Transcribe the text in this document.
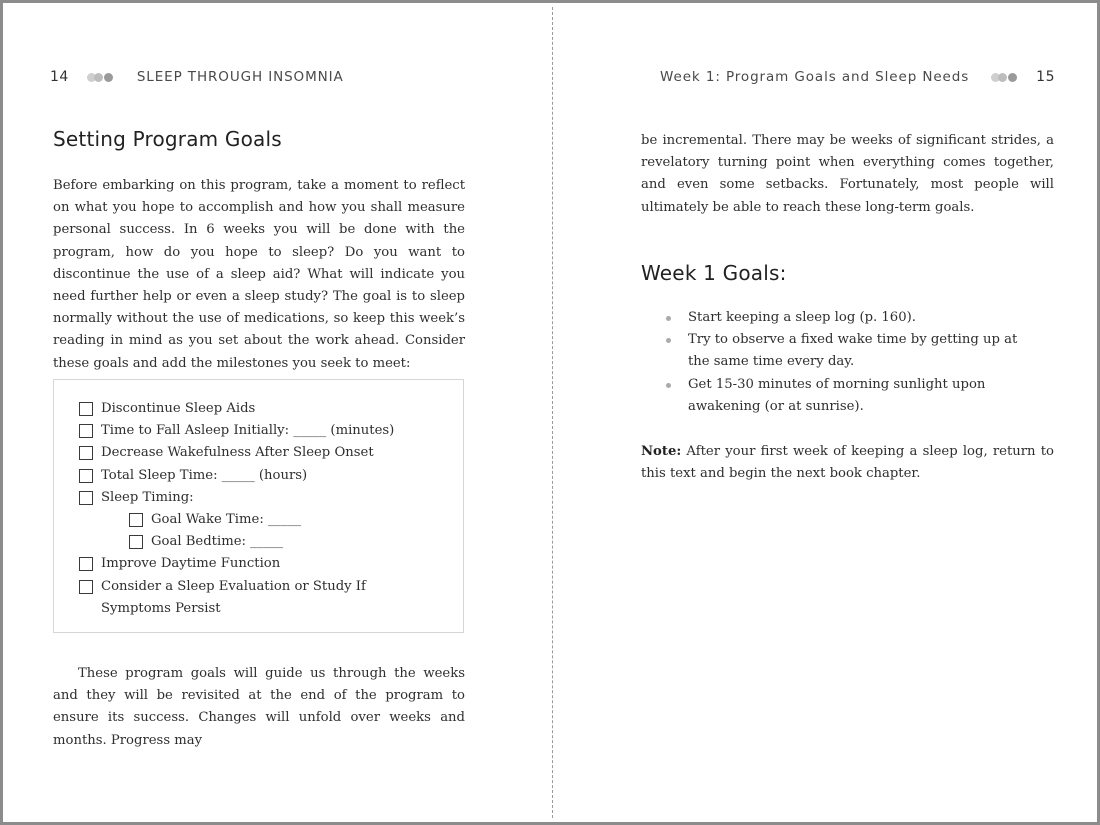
14	SLEEP THROUGH INSOMNIA
Setting Program Goals

Before embarking on this program, take a moment to reflect on what you hope to accomplish and how you shall measure personal success. In 6 weeks you will be done with the program, how do you hope to sleep? Do you want to discontinue the use of a sleep aid? What will indicate you need further help or even a sleep study? The goal is to sleep normally without the use of medications, so keep this week’s reading in mind as you set about the work ahead. Consider these goals and add the milestones you seek to meet:

Discontinue Sleep Aids
Time to Fall Asleep Initially: _____ (minutes)
Decrease Wakefulness After Sleep Onset
Total Sleep Time: _____ (hours)
Sleep Timing:
Goal Wake Time: _____
Goal Bedtime: _____
Improve Daytime Function
Consider a Sleep Evaluation or Study If Symptoms Persist

These program goals will guide us through the weeks and they will be revisited at the end of the program to ensure its success. Changes will unfold over weeks and months. Progress may

Week 1: Program Goals and Sleep Needs	15

be incremental. There may be weeks of significant strides, a revelatory turning point when everything comes together, and even some setbacks. Fortunately, most people will ultimately be able to reach these long-term goals.

Week 1 Goals:
Start keeping a sleep log (p. 160).
Try to observe a fixed wake time by getting up at the same time every day.
Get 15-30 minutes of morning sunlight upon awakening (or at sunrise).

Note: After your first week of keeping a sleep log, return to this text and begin the next book chapter.
